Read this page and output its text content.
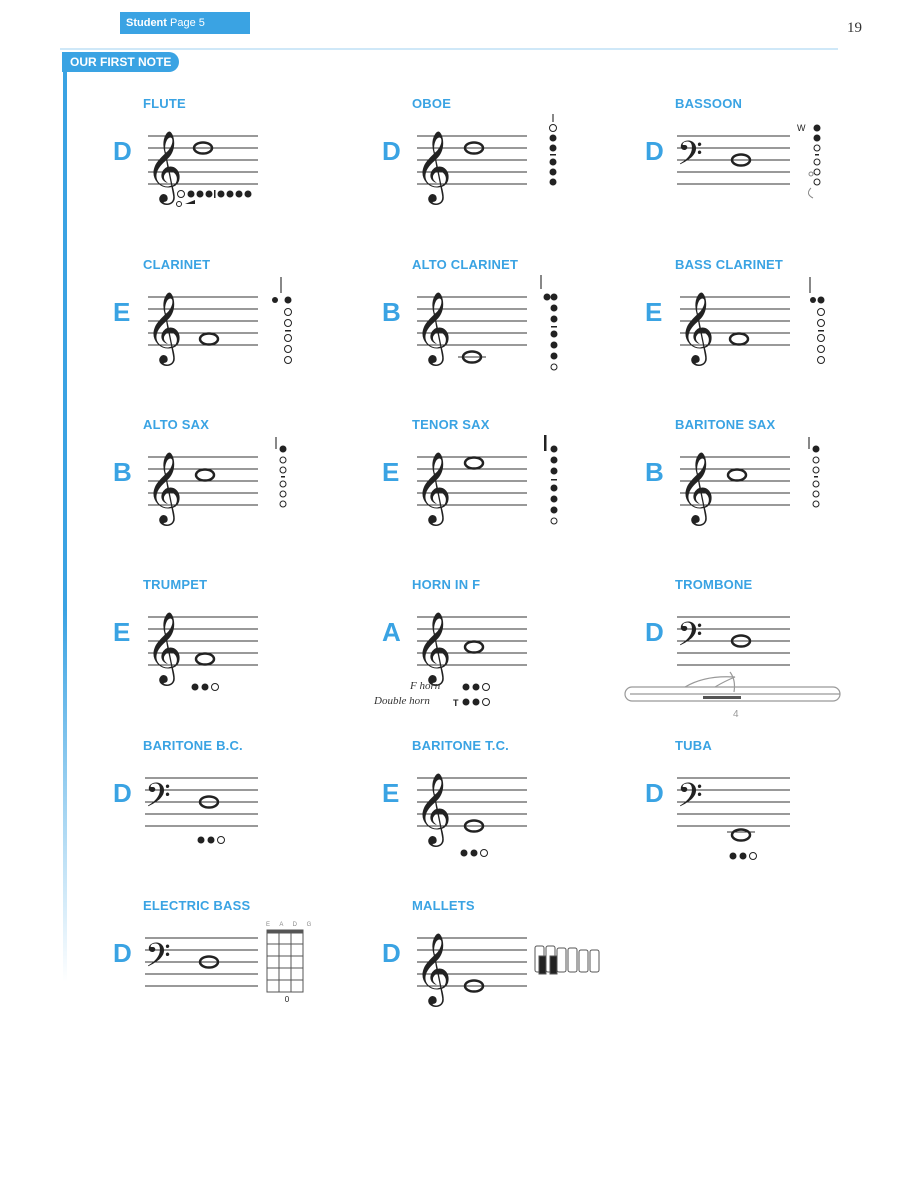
Student Page 5	19
OUR FIRST NOTE
FLUTE
D 𝄞
OBOE
D 𝄞
BASSOON
D 𝄢
W
CLARINET
E 𝄞
ALTO CLARINET
B 𝄞
BASS CLARINET
E 𝄞
ALTO SAX
B 𝄞
TENOR SAX
E 𝄞
BARITONE SAX
B 𝄞
TRUMPET
E 𝄞
HORN IN F
A 𝄞
T
F horn
Double horn
TROMBONE
D 𝄢
4
BARITONE B.C.
D 𝄢
BARITONE T.C.
E 𝄞
TUBA
D 𝄢
ELECTRIC BASS
D 𝄢
E A D G
0
MALLETS
D 𝄞
